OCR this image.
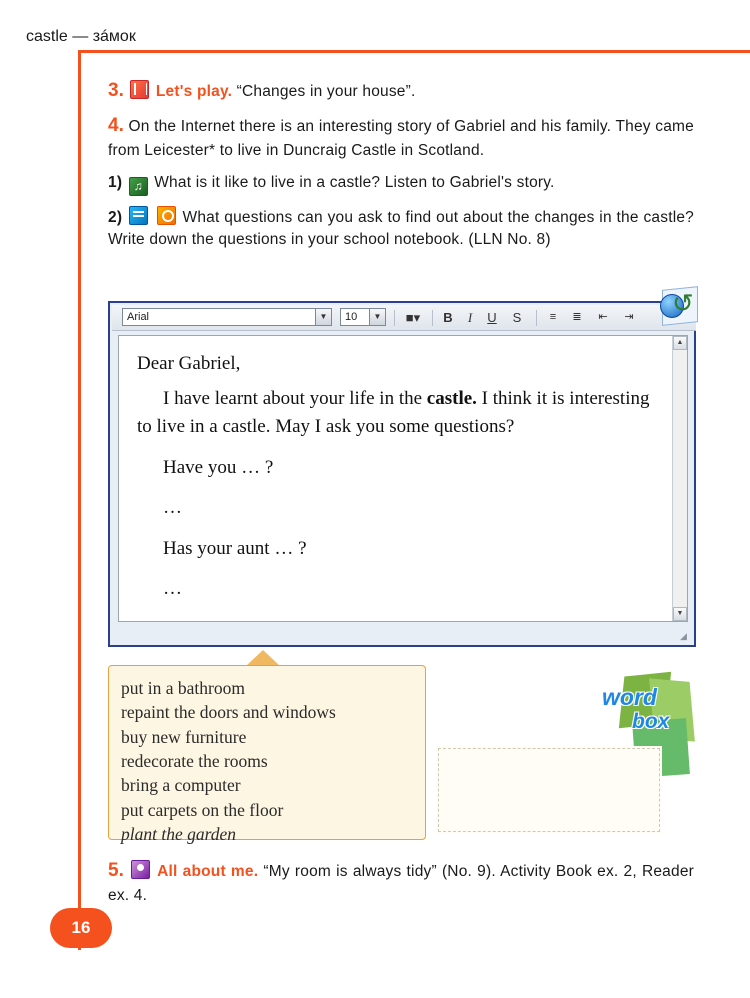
3. Let's play. “Changes in your house”.

4. On the Internet there is an interesting story of Gabriel and his family. They came from Leicester* to live in Duncraig Castle in Scotland.

1) ♫ What is it like to live in a castle? Listen to Gabriel's story.

2)	What questions can you ask to find out about the changes in the castle? Write down the questions in your school notebook. (LLN No. 8)

Arial	▼	10	▼ ■▾ B	I	U	S	≡	≣	⇤	⇥

Dear Gabriel,

I have learnt about your life in the castle. I think it is interesting to live in a castle. May I ask you some questions?

Have you … ?

…

Has your aunt … ?

…

▲
▼
◢
↺
put in a bathroom
repaint the doors and windows
buy new furniture
redecorate the rooms
bring a computer
put carpets on the floor
plant the garden
word
box
castle — зáмок

5. All about me. “My room is always tidy” (No. 9). Activity Book ex. 2, Reader ex. 4.

16
